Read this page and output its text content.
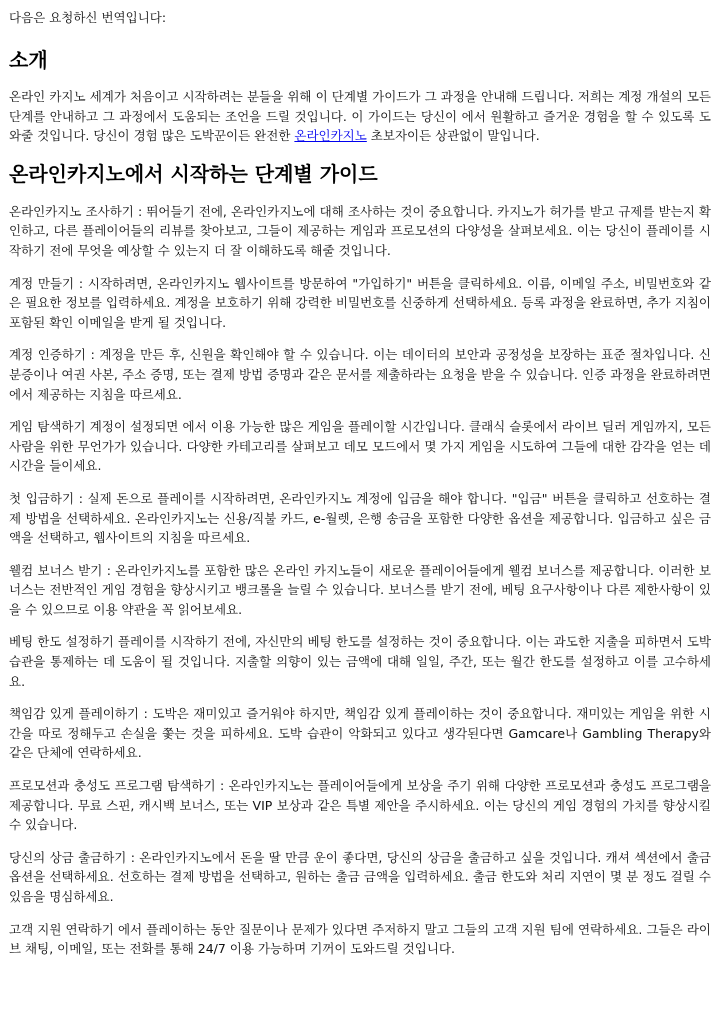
다음은 요청하신 번역입니다:
소개

온라인 카지노 세계가 처음이고 시작하려는 분들을 위해 이 단계별 가이드가 그 과정을 안내해 드립니다. 저희는 계정 개설의 모든 단계를 안내하고 그 과정에서 도움되는 조언을 드릴 것입니다. 이 가이드는 당신이 에서 원활하고 즐거운 경험을 할 수 있도록 도와줄 것입니다. 당신이 경험 많은 도박꾼이든 완전한 온라인카지노 초보자이든 상관없이 말입니다.

온라인카지노에서 시작하는 단계별 가이드

온라인카지노 조사하기 : 뛰어들기 전에, 온라인카지노에 대해 조사하는 것이 중요합니다. 카지노가 허가를 받고 규제를 받는지 확인하고, 다른 플레이어들의 리뷰를 찾아보고, 그들이 제공하는 게임과 프로모션의 다양성을 살펴보세요. 이는 당신이 플레이를 시작하기 전에 무엇을 예상할 수 있는지 더 잘 이해하도록 해줄 것입니다.

계정 만들기 : 시작하려면, 온라인카지노 웹사이트를 방문하여 "가입하기" 버튼을 클릭하세요. 이름, 이메일 주소, 비밀번호와 같은 필요한 정보를 입력하세요. 계정을 보호하기 위해 강력한 비밀번호를 신중하게 선택하세요. 등록 과정을 완료하면, 추가 지침이 포함된 확인 이메일을 받게 될 것입니다.

계정 인증하기 : 계정을 만든 후, 신원을 확인해야 할 수 있습니다. 이는 데이터의 보안과 공정성을 보장하는 표준 절차입니다. 신분증이나 여권 사본, 주소 증명, 또는 결제 방법 증명과 같은 문서를 제출하라는 요청을 받을 수 있습니다. 인증 과정을 완료하려면 에서 제공하는 지침을 따르세요.

게임 탐색하기 계정이 설정되면 에서 이용 가능한 많은 게임을 플레이할 시간입니다. 클래식 슬롯에서 라이브 딜러 게임까지, 모든 사람을 위한 무언가가 있습니다. 다양한 카테고리를 살펴보고 데모 모드에서 몇 가지 게임을 시도하여 그들에 대한 감각을 얻는 데 시간을 들이세요.

첫 입금하기 : 실제 돈으로 플레이를 시작하려면, 온라인카지노 계정에 입금을 해야 합니다. "입금" 버튼을 클릭하고 선호하는 결제 방법을 선택하세요. 온라인카지노는 신용/직불 카드, e-월렛, 은행 송금을 포함한 다양한 옵션을 제공합니다. 입금하고 싶은 금액을 선택하고, 웹사이트의 지침을 따르세요.

웰컴 보너스 받기 : 온라인카지노를 포함한 많은 온라인 카지노들이 새로운 플레이어들에게 웰컴 보너스를 제공합니다. 이러한 보너스는 전반적인 게임 경험을 향상시키고 뱅크롤을 늘릴 수 있습니다. 보너스를 받기 전에, 베팅 요구사항이나 다른 제한사항이 있을 수 있으므로 이용 약관을 꼭 읽어보세요.

베팅 한도 설정하기 플레이를 시작하기 전에, 자신만의 베팅 한도를 설정하는 것이 중요합니다. 이는 과도한 지출을 피하면서 도박 습관을 통제하는 데 도움이 될 것입니다. 지출할 의향이 있는 금액에 대해 일일, 주간, 또는 월간 한도를 설정하고 이를 고수하세요.

책임감 있게 플레이하기 : 도박은 재미있고 즐거워야 하지만, 책임감 있게 플레이하는 것이 중요합니다. 재미있는 게임을 위한 시간을 따로 정해두고 손실을 쫓는 것을 피하세요. 도박 습관이 악화되고 있다고 생각된다면 Gamcare나 Gambling Therapy와 같은 단체에 연락하세요.

프로모션과 충성도 프로그램 탐색하기 : 온라인카지노는 플레이어들에게 보상을 주기 위해 다양한 프로모션과 충성도 프로그램을 제공합니다. 무료 스핀, 캐시백 보너스, 또는 VIP 보상과 같은 특별 제안을 주시하세요. 이는 당신의 게임 경험의 가치를 향상시킬 수 있습니다.

당신의 상금 출금하기 : 온라인카지노에서 돈을 딸 만큼 운이 좋다면, 당신의 상금을 출금하고 싶을 것입니다. 캐셔 섹션에서 출금 옵션을 선택하세요. 선호하는 결제 방법을 선택하고, 원하는 출금 금액을 입력하세요. 출금 한도와 처리 지연이 몇 분 정도 걸릴 수 있음을 명심하세요.

고객 지원 연락하기 에서 플레이하는 동안 질문이나 문제가 있다면 주저하지 말고 그들의 고객 지원 팀에 연락하세요. 그들은 라이브 채팅, 이메일, 또는 전화를 통해 24/7 이용 가능하며 기꺼이 도와드릴 것입니다.
